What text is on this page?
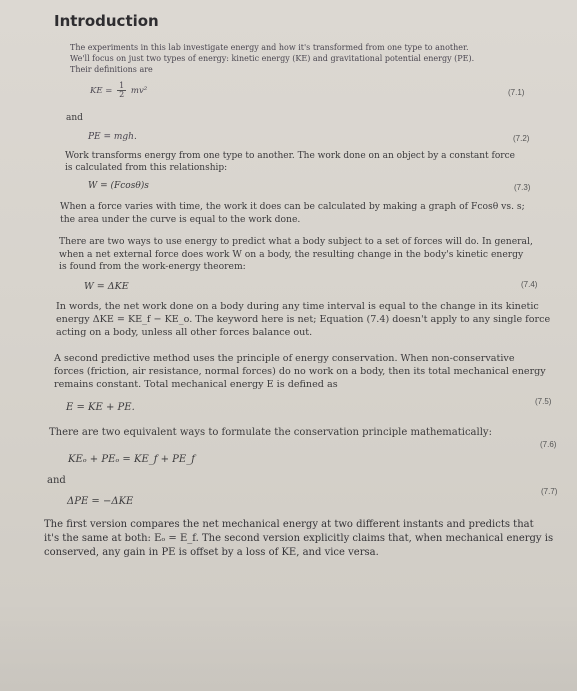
Introduction
The experiments in this lab investigate energy and how it's transformed from one type to another.
We'll focus on just two types of energy: kinetic energy (KE) and gravitational potential energy (PE).
Their definitions are
KE = $\frac{1}{2} mv^2$	(7.1)
and
PE = mgh.	(7.2)
Work transforms energy from one type to another. The work done on an object by a constant force
is calculated from this relationship:
W = (Fcosθ)s	(7.3)
When a force varies with time, the work it does can be calculated by making a graph of Fcosθ vs. s;
the area under the curve is equal to the work done.
There are two ways to use energy to predict what a body subject to a set of forces will do. In general,
when a net external force does work W on a body, the resulting change in the body's kinetic energy
is found from the work-energy theorem:
W = ΔKE	(7.4)
In words, the net work done on a body during any time interval is equal to the change in its kinetic
energy ΔKE = KE_f − KE_o. The keyword here is net; Equation (7.4) doesn't apply to any single force
acting on a body, unless all other forces balance out.
A second predictive method uses the principle of energy conservation. When non-conservative
forces (friction, air resistance, normal forces) do no work on a body, then its total mechanical energy
remains constant. Total mechanical energy E is defined as
E = KE + PE.
(7.5)
There are two equivalent ways to formulate the conservation principle mathematically:
KEₒ + PEₒ = KE_f + PE_f
(7.6)
and
ΔPE = −ΔKE
(7.7)
The first version compares the net mechanical energy at two different instants and predicts that
it's the same at both: Eₒ = E_f. The second version explicitly claims that, when mechanical energy is
conserved, any gain in PE is offset by a loss of KE, and vice versa.
